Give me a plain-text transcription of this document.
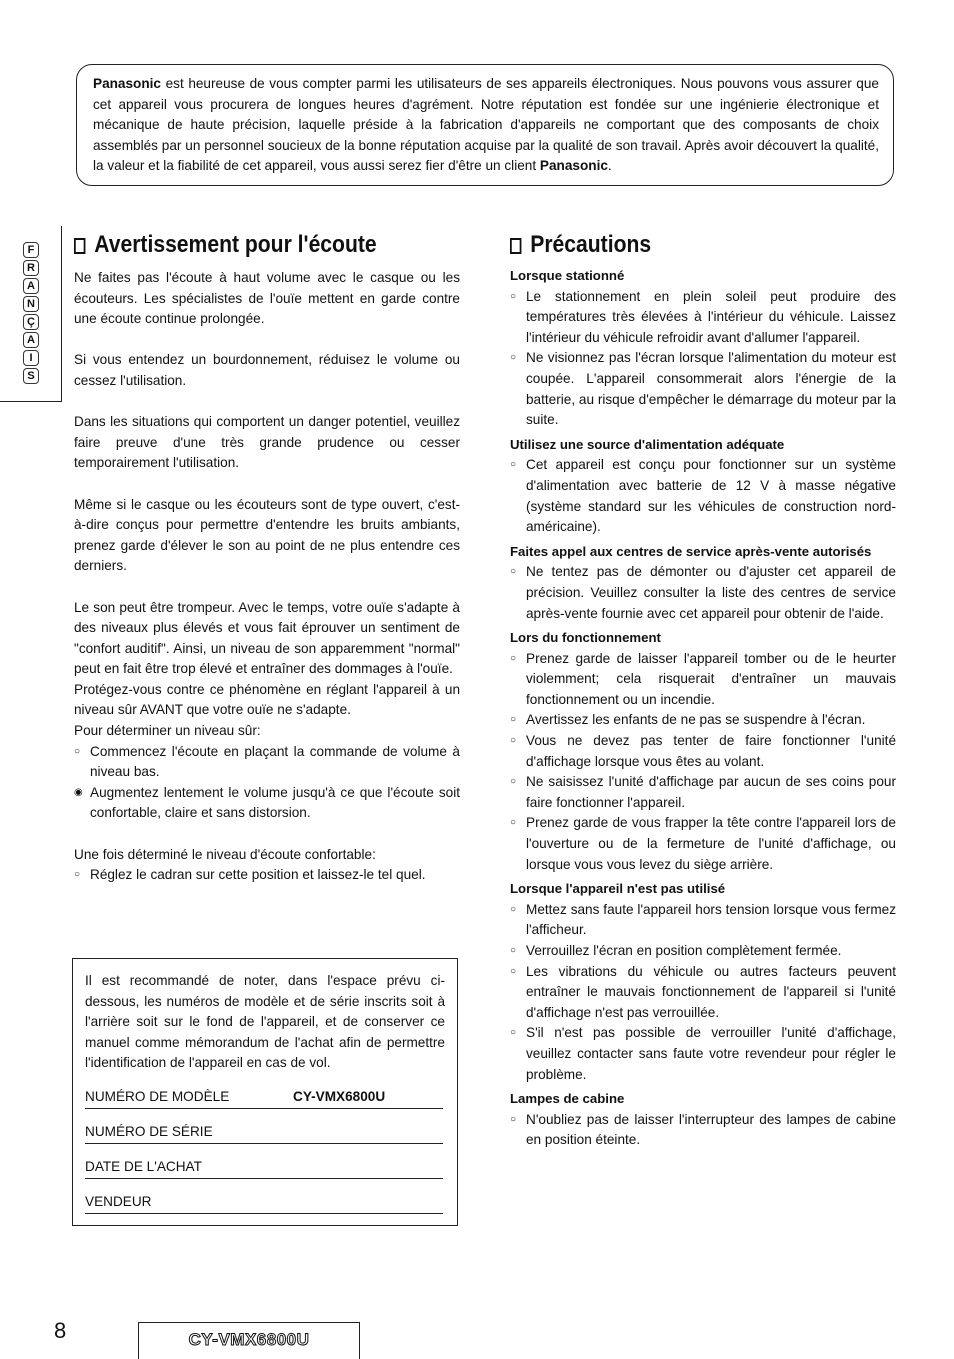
Panasonic est heureuse de vous compter parmi les utilisateurs de ses appareils électroniques. Nous pouvons vous assurer que cet appareil vous procurera de longues heures d'agrément. Notre réputation est fondée sur une ingénierie électronique et mécanique de haute précision, laquelle préside à la fabrication d'appareils ne comportant que des composants de choix assemblés par un personnel soucieux de la bonne réputation acquise par la qualité de son travail. Après avoir découvert la qualité, la valeur et la fiabilité de cet appareil, vous aussi serez fier d'être un client Panasonic.
F
R
A
N
Ç
A
I
S
Avertissement pour l'écoute

Ne faites pas l'écoute à haut volume avec le casque ou les écouteurs. Les spécialistes de l'ouïe mettent en garde contre une écoute continue prolongée.

Si vous entendez un bourdonnement, réduisez le volume ou cessez l'utilisation.

Dans les situations qui comportent un danger potentiel, veuillez faire preuve d'une très grande prudence ou cesser temporairement l'utilisation.

Même si le casque ou les écouteurs sont de type ouvert, c'est-à-dire conçus pour permettre d'entendre les bruits ambiants, prenez garde d'élever le son au point de ne plus entendre ces derniers.

Le son peut être trompeur. Avec le temps, votre ouïe s'adapte à des niveaux plus élevés et vous fait éprouver un sentiment de "confort auditif". Ainsi, un niveau de son apparemment "normal" peut en fait être trop élevé et entraîner des dommages à l'ouïe.

Protégez-vous contre ce phénomène en réglant l'appareil à un niveau sûr AVANT que votre ouïe ne s'adapte.

Pour déterminer un niveau sûr:

○ Commencez l'écoute en plaçant la commande de volume à niveau bas.
◉ Augmentez lentement le volume jusqu'à ce que l'écoute soit confortable, claire et sans distorsion.

Une fois déterminé le niveau d'écoute confortable:

○ Réglez le cadran sur cette position et laissez-le tel quel.

Il est recommandé de noter, dans l'espace prévu ci-dessous, les numéros de modèle et de série inscrits soit à l'arrière soit sur le fond de l'appareil, et de conserver ce manuel comme mémorandum de l'achat afin de permettre l'identification de l'appareil en cas de vol.

NUMÉRO DE MODÈLE	CY-VMX6800U
NUMÉRO DE SÉRIE
DATE DE L'ACHAT
VENDEUR
Précautions
Lorsque stationné
○ Le stationnement en plein soleil peut produire des températures très élevées à l'intérieur du véhicule. Laissez l'intérieur du véhicule refroidir avant d'allumer l'appareil.
○ Ne visionnez pas l'écran lorsque l'alimentation du moteur est coupée. L'appareil consommerait alors l'énergie de la batterie, au risque d'empêcher le démarrage du moteur par la suite.
Utilisez une source d'alimentation adéquate
○ Cet appareil est conçu pour fonctionner sur un système d'alimentation avec batterie de 12 V à masse négative (système standard sur les véhicules de construction nord-américaine).
Faites appel aux centres de service après-vente autorisés
○ Ne tentez pas de démonter ou d'ajuster cet appareil de précision. Veuillez consulter la liste des centres de service après-vente fournie avec cet appareil pour obtenir de l'aide.
Lors du fonctionnement
○ Prenez garde de laisser l'appareil tomber ou de le heurter violemment; cela risquerait d'entraîner un mauvais fonctionnement ou un incendie.
○ Avertissez les enfants de ne pas se suspendre à l'écran.
○ Vous ne devez pas tenter de faire fonctionner l'unité d'affichage lorsque vous êtes au volant.
○ Ne saisissez l'unité d'affichage par aucun de ses coins pour faire fonctionner l'appareil.
○ Prenez garde de vous frapper la tête contre l'appareil lors de l'ouverture ou de la fermeture de l'unité d'affichage, ou lorsque vous vous levez du siège arrière.
Lorsque l'appareil n'est pas utilisé
○ Mettez sans faute l'appareil hors tension lorsque vous fermez l'afficheur.
○ Verrouillez l'écran en position complètement fermée.
○ Les vibrations du véhicule ou autres facteurs peuvent entraîner le mauvais fonctionnement de l'appareil si l'unité d'affichage n'est pas verrouillée.
○ S'il n'est pas possible de verrouiller l'unité d'affichage, veuillez contacter sans faute votre revendeur pour régler le problème.
Lampes de cabine
○ N'oubliez pas de laisser l'interrupteur des lampes de cabine en position éteinte.
8	CY-VMX6800U
